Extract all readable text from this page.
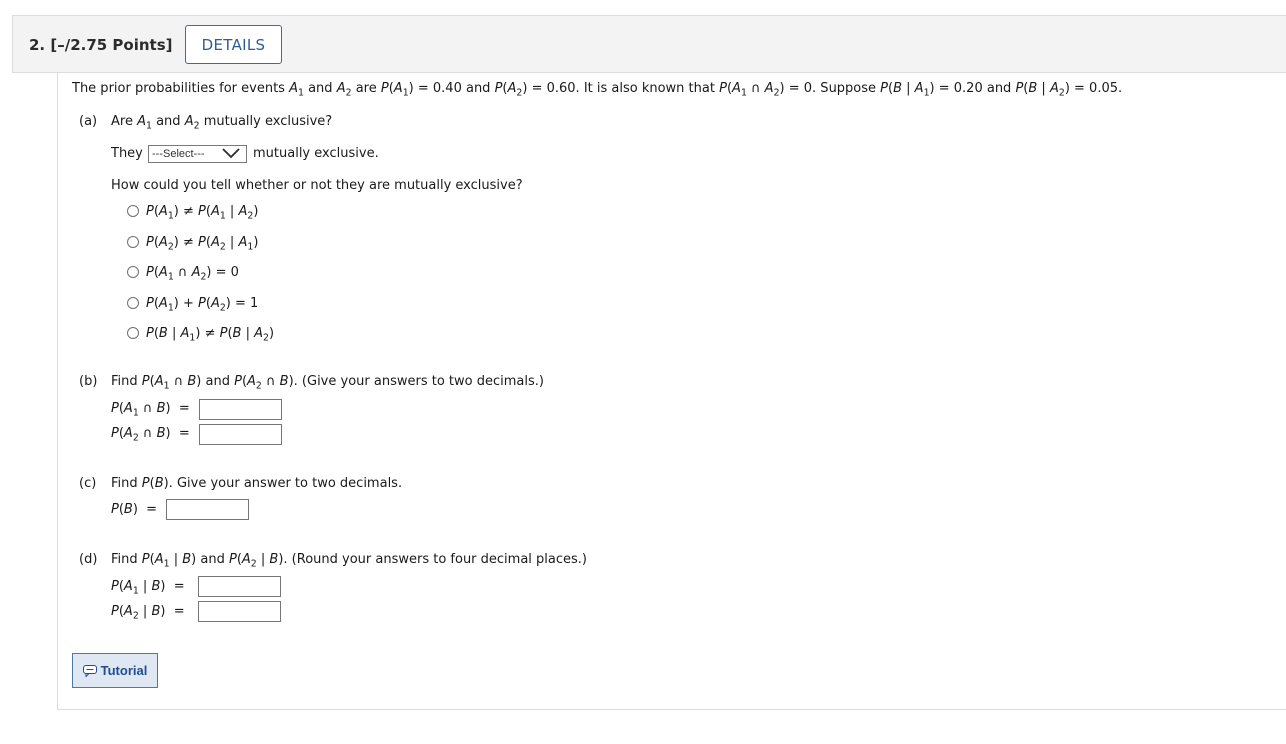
2. [–/2.75 Points]	DETAILS
The prior probabilities for events $A_1$ and $A_2$ are $P(A_1) = 0.40$ and $P(A_2) = 0.60$. It is also known that $P(A_1$ ∩ $A_2) = 0$. Suppose P(B | $A_1) = 0.20$ and P(B | $A_2) = 0.05$.
(a) Are $A_1$ and $A_2$ mutually exclusive?
They ---Select---	mutually exclusive.
How could you tell whether or not they are mutually exclusive?
$P(A_1) \ne P(A_1$ | $A_2$)
$P(A_2) \ne P(A_2$ | $A_1$)
$P(A_1$ ∩ $A_2) = 0$
$P(A_1) + P(A_2) = 1$
P(B | $A_1) \ne P(B$ | $A_2$)
(b) Find $P(A_1$ ∩ B) and $P(A_2$ ∩ B). (Give your answers to two decimals.)
$P(A_1$ ∩ B)  =
$P(A_2$ ∩ B)  =
(c) Find P(B). Give your answer to two decimals.
P(B)  =
(d) Find $P(A_1$ | B) and $P(A_2$ | B). (Round your answers to four decimal places.)
$P(A_1$ | B)  =
$P(A_2$ | B)  =
Tutorial
